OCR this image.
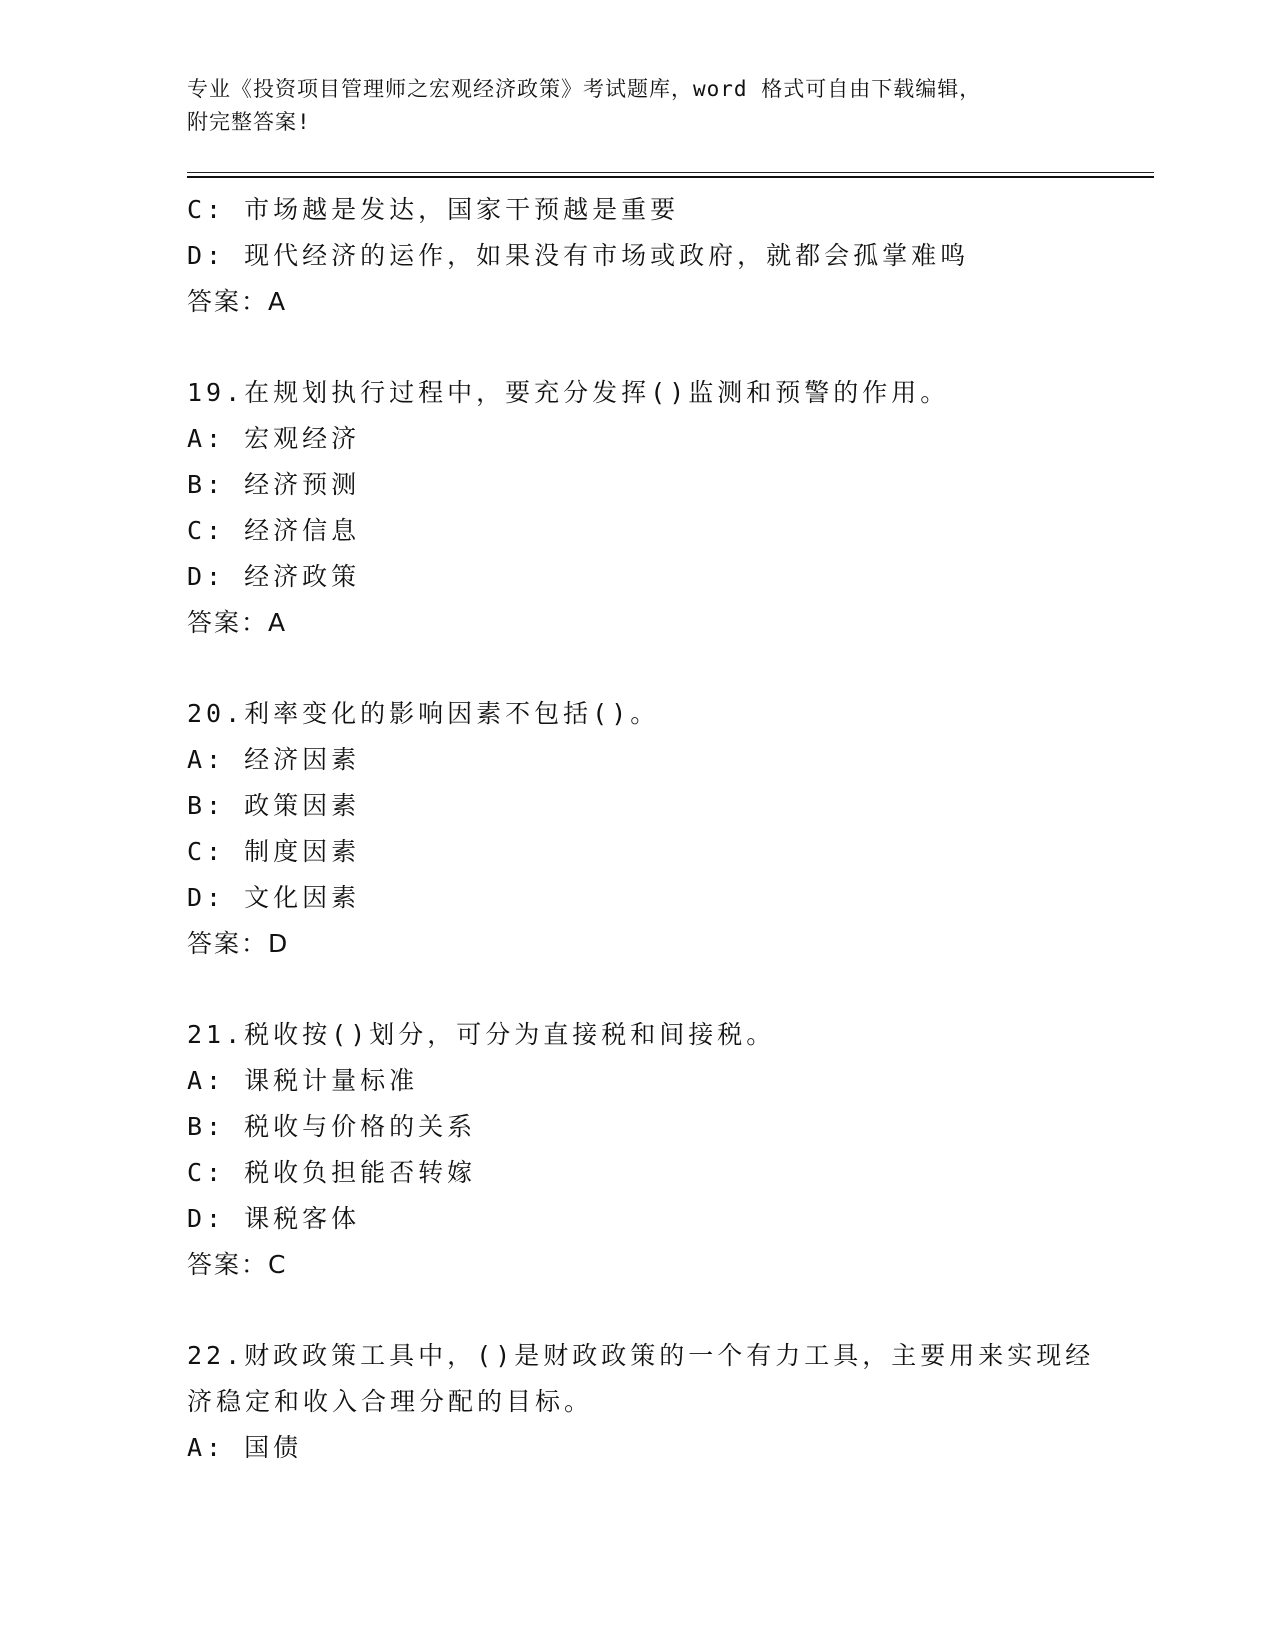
专业《投资项目管理师之宏观经济政策》考试题库，word 格式可自由下载编辑，
附完整答案!
C: 市场越是发达，国家干预越是重要
D: 现代经济的运作，如果没有市场或政府，就都会孤掌难鸣
答案：A
19.在规划执行过程中，要充分发挥()监测和预警的作用。
A: 宏观经济
B: 经济预测
C: 经济信息
D: 经济政策
答案：A
20.利率变化的影响因素不包括()。
A: 经济因素
B: 政策因素
C: 制度因素
D: 文化因素
答案：D
21.税收按()划分，可分为直接税和间接税。
A: 课税计量标准
B: 税收与价格的关系
C: 税收负担能否转嫁
D: 课税客体
答案：C
22.财政政策工具中，()是财政政策的一个有力工具，主要用来实现经
济稳定和收入合理分配的目标。
A: 国债
